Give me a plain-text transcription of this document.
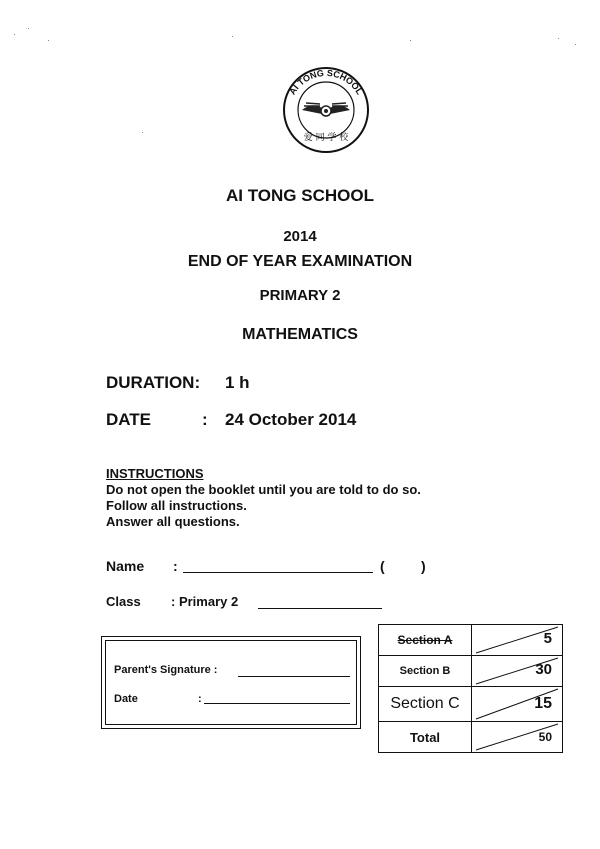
AI TONG SCHOOL
爱 同 学 校
AI TONG SCHOOL
2014
END OF YEAR EXAMINATION
PRIMARY 2
MATHEMATICS
DURATION: 1 h
DATE	: 24 October 2014
INSTRUCTIONS
Do not open the booklet until you are told to do so.
Follow all instructions.
Answer all questions.
Name :	(	)
Class : Primary 2
Parent's Signature :
Date	:
Section A	5

Section B	30

Section C	15

Total	50
